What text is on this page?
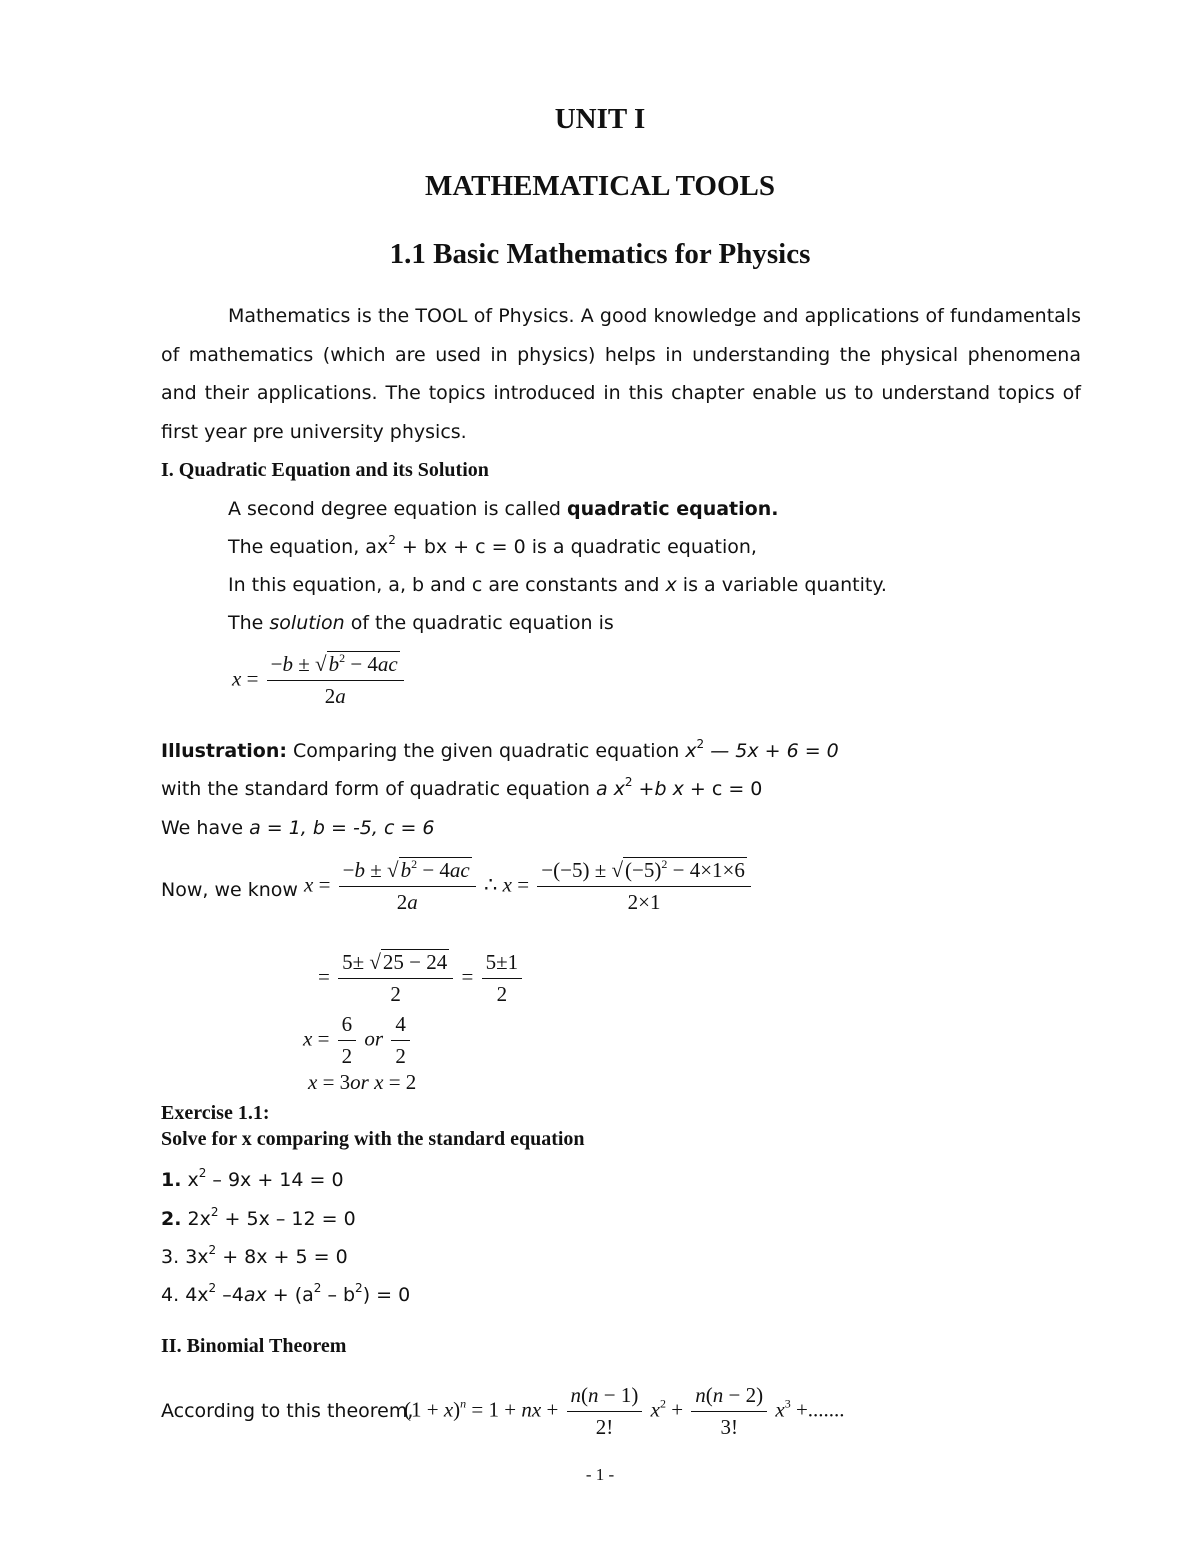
UNIT I
MATHEMATICAL TOOLS
1.1 Basic Mathematics for Physics
Mathematics is the TOOL of Physics. A good knowledge and applications of fundamentals of mathematics (which are used in physics) helps in understanding the physical phenomena and their applications. The topics introduced in this chapter enable us to understand topics of first year pre university physics.
I. Quadratic Equation and its Solution
A second degree equation is called quadratic equation.
The equation, $ax^2$ + bx + c = 0 is a quadratic equation,
In this equation, a, b and c are constants and x is a variable quantity.
The solution of the quadratic equation is
$x = \frac{-b \pm √b^2 - 4ac}{2a}$
Illustration: Comparing the given quadratic equation $x^2$ — 5x + 6 = 0
with the standard form of quadratic equation a $x^2 +b$ x + c = 0
We have a = 1, b = -5, c = 6
Now, we know $x = \frac{-b \pm √b^2 - 4ac}{2a}$ ∴ $x = \frac{-(-5) \pm √(-5)^2 - 4\times 1\times 6}{2\times 1}$
= $\frac{5\pm √25 - 24}{2} = \frac{5\pm 1}{2}$
$x = \frac{6}{2}$ or $\frac{4}{2}$
x = 3or x = 2
Exercise 1.1:
Solve for x comparing with the standard equation
1. $x^2 - 9x + 14 = 0$
2. $2x^2 + 5x - 12 = 0$
3. $3x^2 + 8x + 5 = 0$
4. $4x^2$ $-4ax + (a^2 - b^2) = 0$
II. Binomial Theorem
According to this theorem,
$(1 + x)^n = 1$ + nx + $\frac{n(n - 1)}{2!} x^2 + \frac{n(n - 2)}{3!} x^3$ +.......
- 1 -
